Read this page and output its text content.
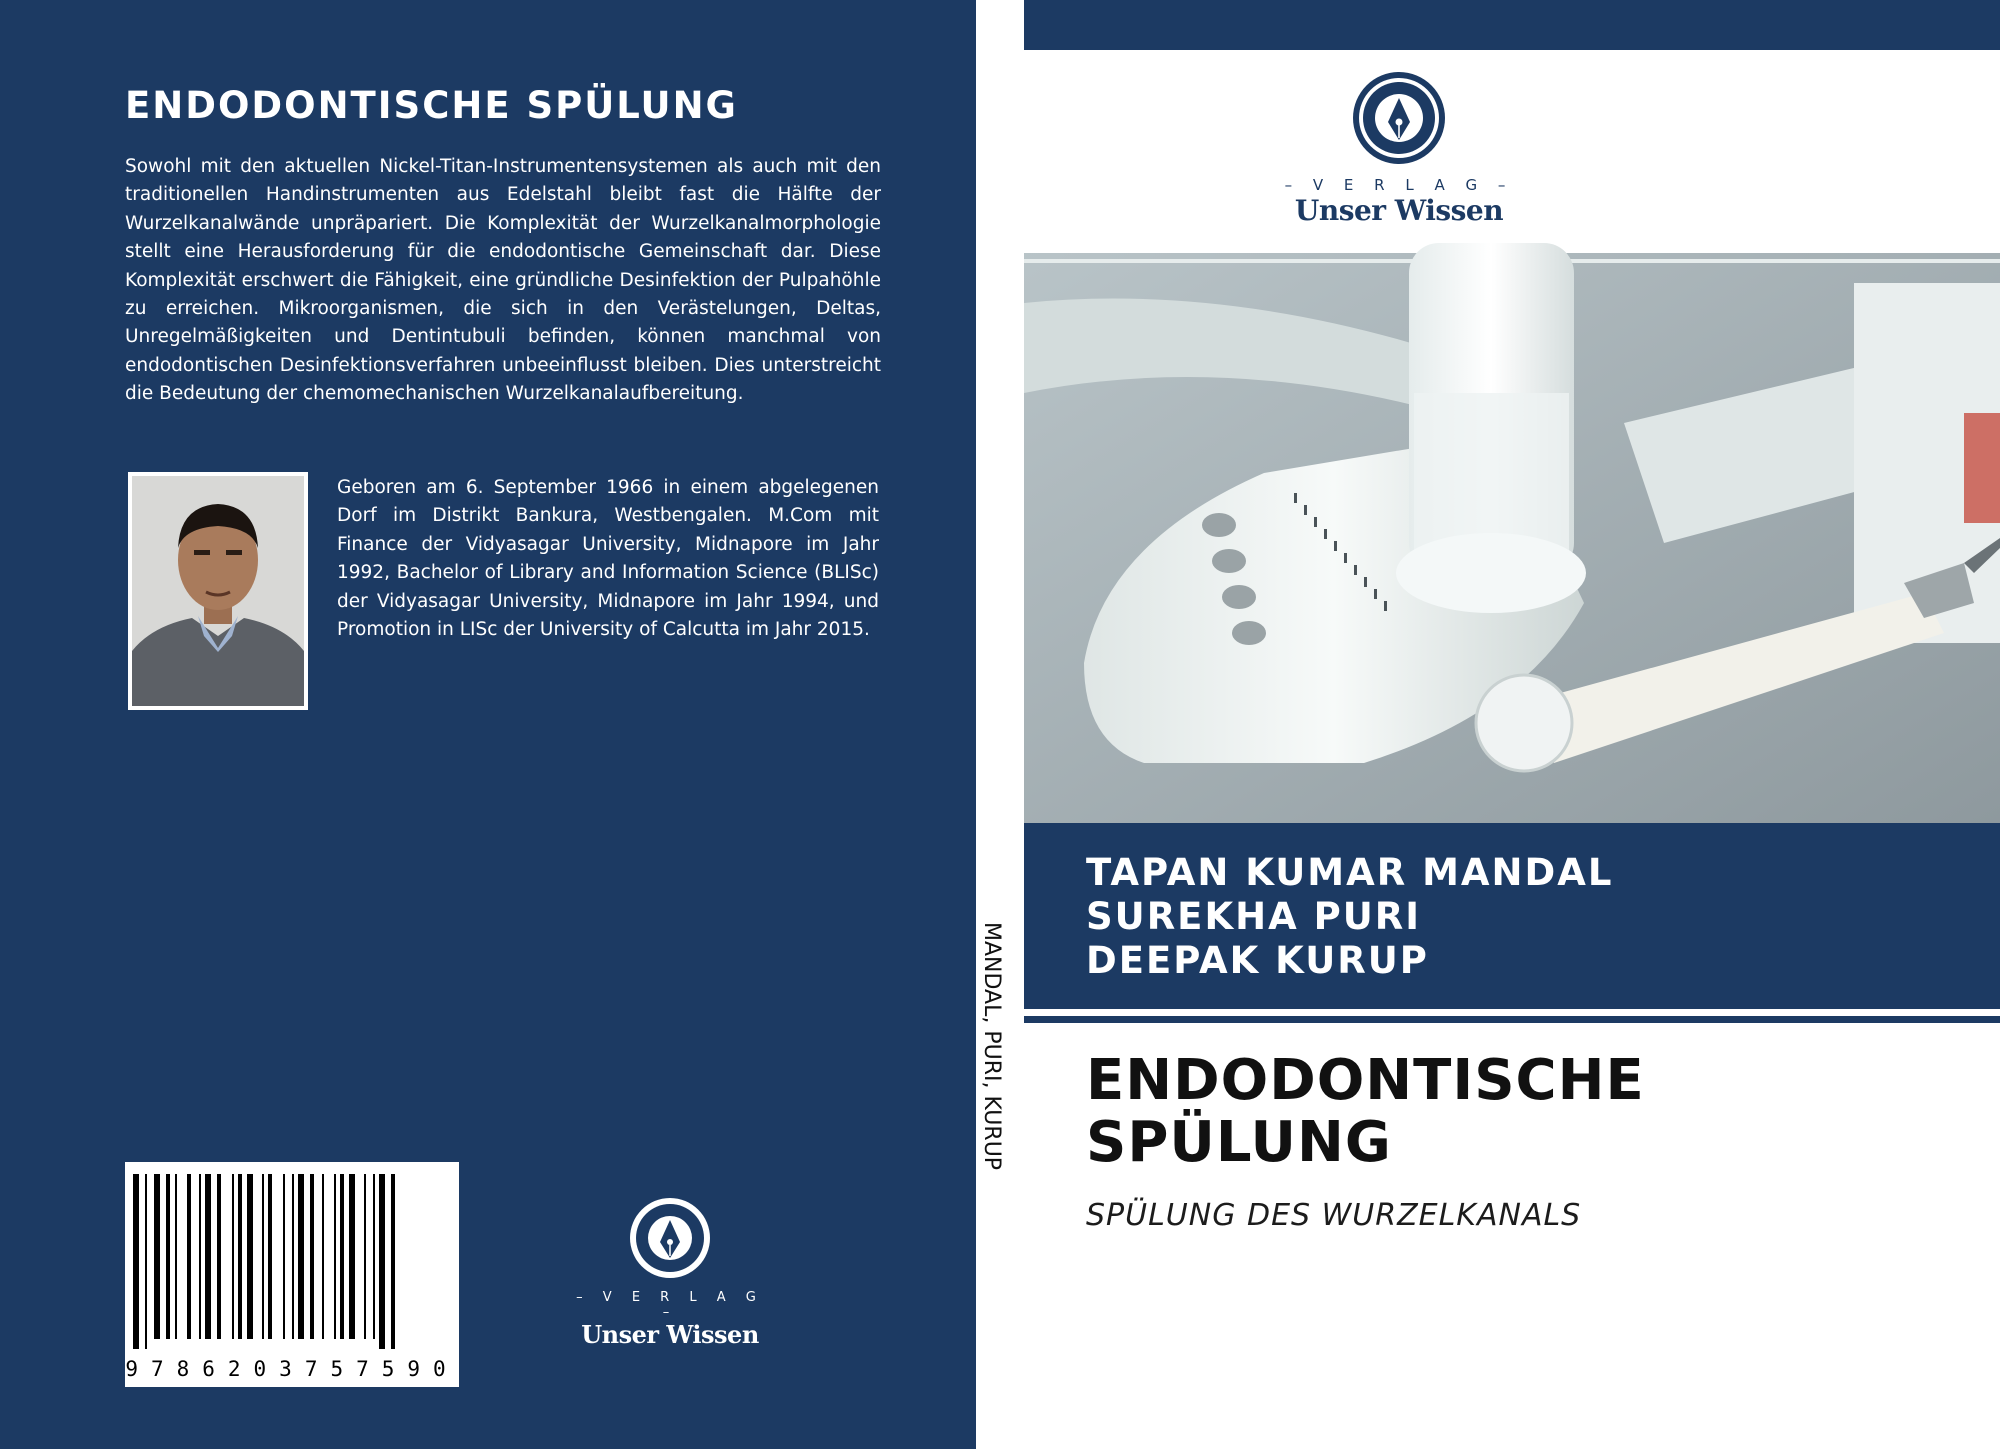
ENDODONTISCHE SPÜLUNG

Sowohl mit den aktuellen Nickel-Titan-Instrumentensystemen als auch mit den traditionellen Handinstrumenten aus Edelstahl bleibt fast die Hälfte der Wurzelkanalwände unpräpariert. Die Komplexität der Wurzelkanalmorphologie stellt eine Herausforderung für die endodontische Gemeinschaft dar. Diese Komplexität erschwert die Fähigkeit, eine gründliche Desinfektion der Pulpahöhle zu erreichen. Mikroorganismen, die sich in den Verästelungen, Deltas, Unregelmäßigkeiten und Dentintubuli befinden, können manchmal von endodontischen Desinfektionsverfahren unbeeinflusst bleiben. Dies unterstreicht die Bedeutung der chemomechanischen Wurzelkanalaufbereitung.

Geboren am 6. September 1966 in einem abgelegenen Dorf im Distrikt Bankura, Westbengalen. M.Com mit Finance der Vidyasagar University, Midnapore im Jahr 1992, Bachelor of Library and Information Science (BLISc) der Vidyasagar University, Midnapore im Jahr 1994, und Promotion in LISc der University of Calcutta im Jahr 2015.

9786203757590
– V E R L A G –
Unser Wissen
MANDAL, PURI, KURUP
– V E R L A G –
Unser Wissen
TAPAN KUMAR MANDAL
SUREKHA PURI
DEEPAK KURUP
ENDODONTISCHE
SPÜLUNG

SPÜLUNG DES WURZELKANALS
